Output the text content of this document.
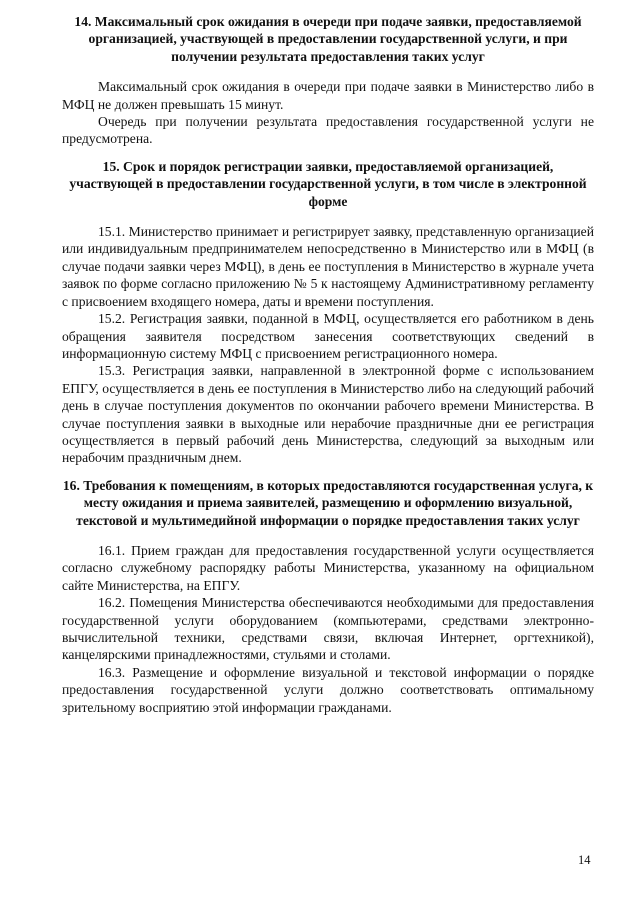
14. Максимальный срок ожидания в очереди при подаче заявки, предоставляемой организацией, участвующей в предоставлении государственной услуги, и при получении результата предоставления таких услуг

Максимальный срок ожидания в очереди при подаче заявки в Министерство либо в МФЦ не должен превышать 15 минут.

Очередь при получении результата предоставления государственной услуги не предусмотрена.

15. Срок и порядок регистрации заявки, предоставляемой организацией, участвующей в предоставлении государственной услуги, в том числе в электронной форме

15.1. Министерство принимает и регистрирует заявку, представленную организацией или индивидуальным предпринимателем непосредственно в Министерство или в МФЦ (в случае подачи заявки через МФЦ), в день ее поступления в Министерство в журнале учета заявок по форме согласно приложению № 5 к настоящему Административному регламенту с присвоением входящего номера, даты и времени поступления.

15.2. Регистрация заявки, поданной в МФЦ, осуществляется его работником в день обращения заявителя посредством занесения соответствующих сведений в информационную систему МФЦ с присвоением регистрационного номера.

15.3. Регистрация заявки, направленной в электронной форме с использованием ЕПГУ, осуществляется в день ее поступления в Министерство либо на следующий рабочий день в случае поступления документов по окончании рабочего времени Министерства. В случае поступления заявки в выходные или нерабочие праздничные дни ее регистрация осуществляется в первый рабочий день Министерства, следующий за выходным или нерабочим праздничным днем.

16. Требования к помещениям, в которых предоставляются государственная услуга, к месту ожидания и приема заявителей, размещению и оформлению визуальной, текстовой и мультимедийной информации о порядке предоставления таких услуг

16.1. Прием граждан для предоставления государственной услуги осуществляется согласно служебному распорядку работы Министерства, указанному на официальном сайте Министерства, на ЕПГУ.

16.2. Помещения Министерства обеспечиваются необходимыми для предоставления государственной услуги оборудованием (компьютерами, средствами электронно-вычислительной техники, средствами связи, включая Интернет, оргтехникой), канцелярскими принадлежностями, стульями и столами.

16.3. Размещение и оформление визуальной и текстовой информации о порядке предоставления государственной услуги должно соответствовать оптимальному зрительному восприятию этой информации гражданами.

14
